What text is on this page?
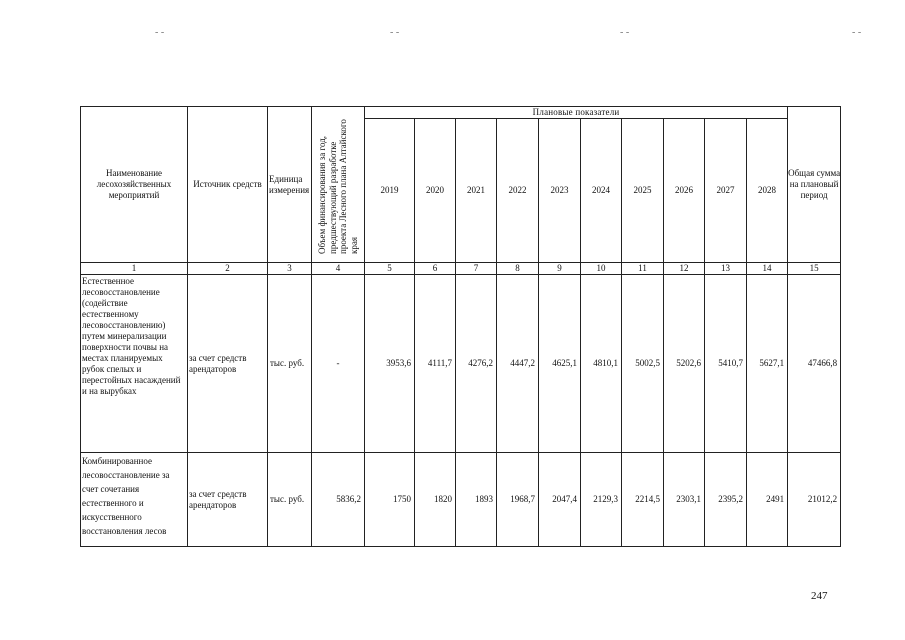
- -	- -	- -	- -
Наименование лесохозяйственных мероприятий	Источник средств	Единица измерения	Объем финансирования за год, предшествующий разработке проекта Лесного плана Алтайского края	Плановые показатели										Общая сумма на плановый период
				2019	2020	2021	2022	2023	2024	2025	2026	2027	2028	
1	2	3	4	5	6	7	8	9	10	11	12	13	14	15
Естественное лесовосстановление (содействие естественному лесовосстановлению) путем минерализации поверхности почвы на местах планируемых рубок спелых и перестойных насаждений и на вырубках	за счет средств арендаторов	тыс. руб.	-	3953,6	4111,7	4276,2	4447,2	4625,1	4810,1	5002,5	5202,6	5410,7	5627,1	47466,8
Комбинированное лесовосстановление за счет сочетания естественного и искусственного восстановления лесов	за счет средств арендаторов	тыс. руб.	5836,2	1750	1820	1893	1968,7	2047,4	2129,3	2214,5	2303,1	2395,2	2491	21012,2
247
